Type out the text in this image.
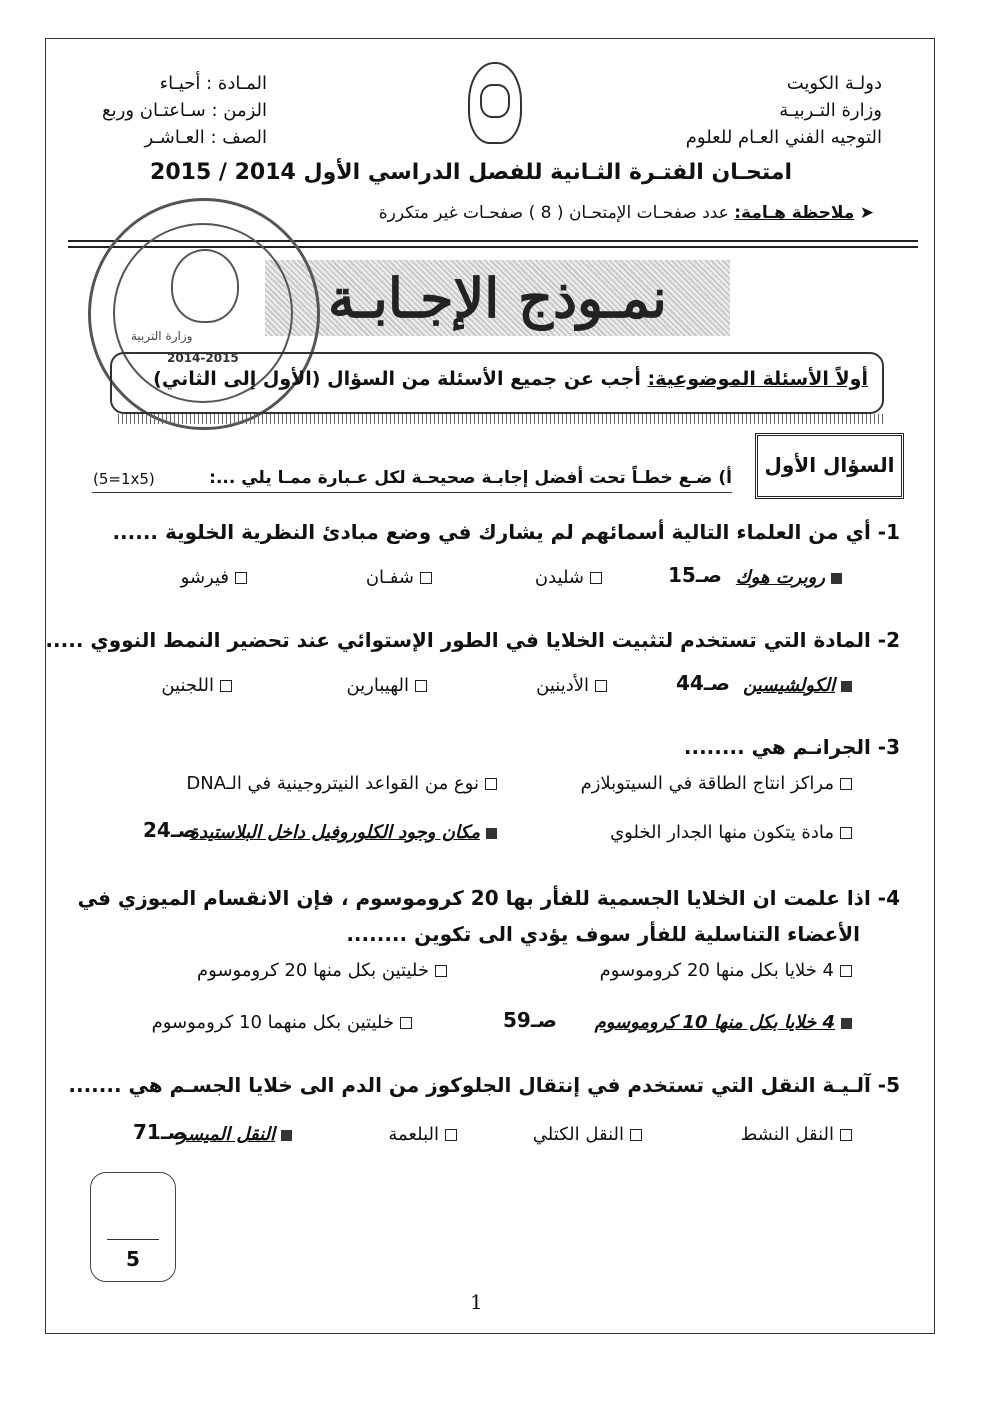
دولـة الكويت
وزارة التـربيـة
التوجيه الفني العـام للعلوم
المـادة : أحيـاء
الزمن : سـاعتـان وربع
الصف : العـاشـر
امتحـان الفتـرة الثـانية للفصل الدراسي الأول 2014 / 2015
➤ ملاحظة هـامة: عدد صفحـات الإمتحـان ( 8 ) صفحـات غير متكررة
نمـوذج الإجـابـة
وزارة التربية
2014-2015
أولاً الأسئلة الموضوعية: أجب عن جميع الأسئلة من السؤال (الأول إلى الثاني)
السؤال الأول
أ) ضـع خطـاً تحت أفضل إجابـة صحيحـة لكل عـبارة ممـا يلي ...:
(5=1x5)
1- أي من العلماء التالية أسمائهم لم يشارك في وضع مبادئ النظرية الخلوية ......
روبرت هوك
صـ15
شليدن
شفـان
فيرشو
2- المادة التي تستخدم لتثبيت الخلايا في الطور الإستوائي عند تحضير النمط النووي .....
الكولشيسين
صـ44
الأدينين
الهيبارين
اللجنين
3- الجرانـم هي ........
مراكز انتاج الطاقة في السيتوبلازم
نوع من القواعد النيتروجينية في الـDNA
مادة يتكون منها الجدار الخلوي
مكان وجود الكلوروفيل داخل البلاستيدة
صـ24
4- اذا علمت ان الخلايا الجسمية للفأر بها 20 كروموسوم ، فإن الانقسام الميوزي في
الأعضاء التناسلية للفأر سوف يؤدي الى تكوين ........
4 خلايا بكل منها 20 كروموسوم
خليتين بكل منها 20 كروموسوم
4 خلايا بكل منها 10 كروموسوم
صـ59
خليتين بكل منهما 10 كروموسوم
5- آلـيـة النقل التي تستخدم في إنتقال الجلوكوز من الدم الى خلايا الجسـم هي .......
النقل النشط
النقل الكتلي
البلعمة
النقل الميسر
صـ71
5
1
